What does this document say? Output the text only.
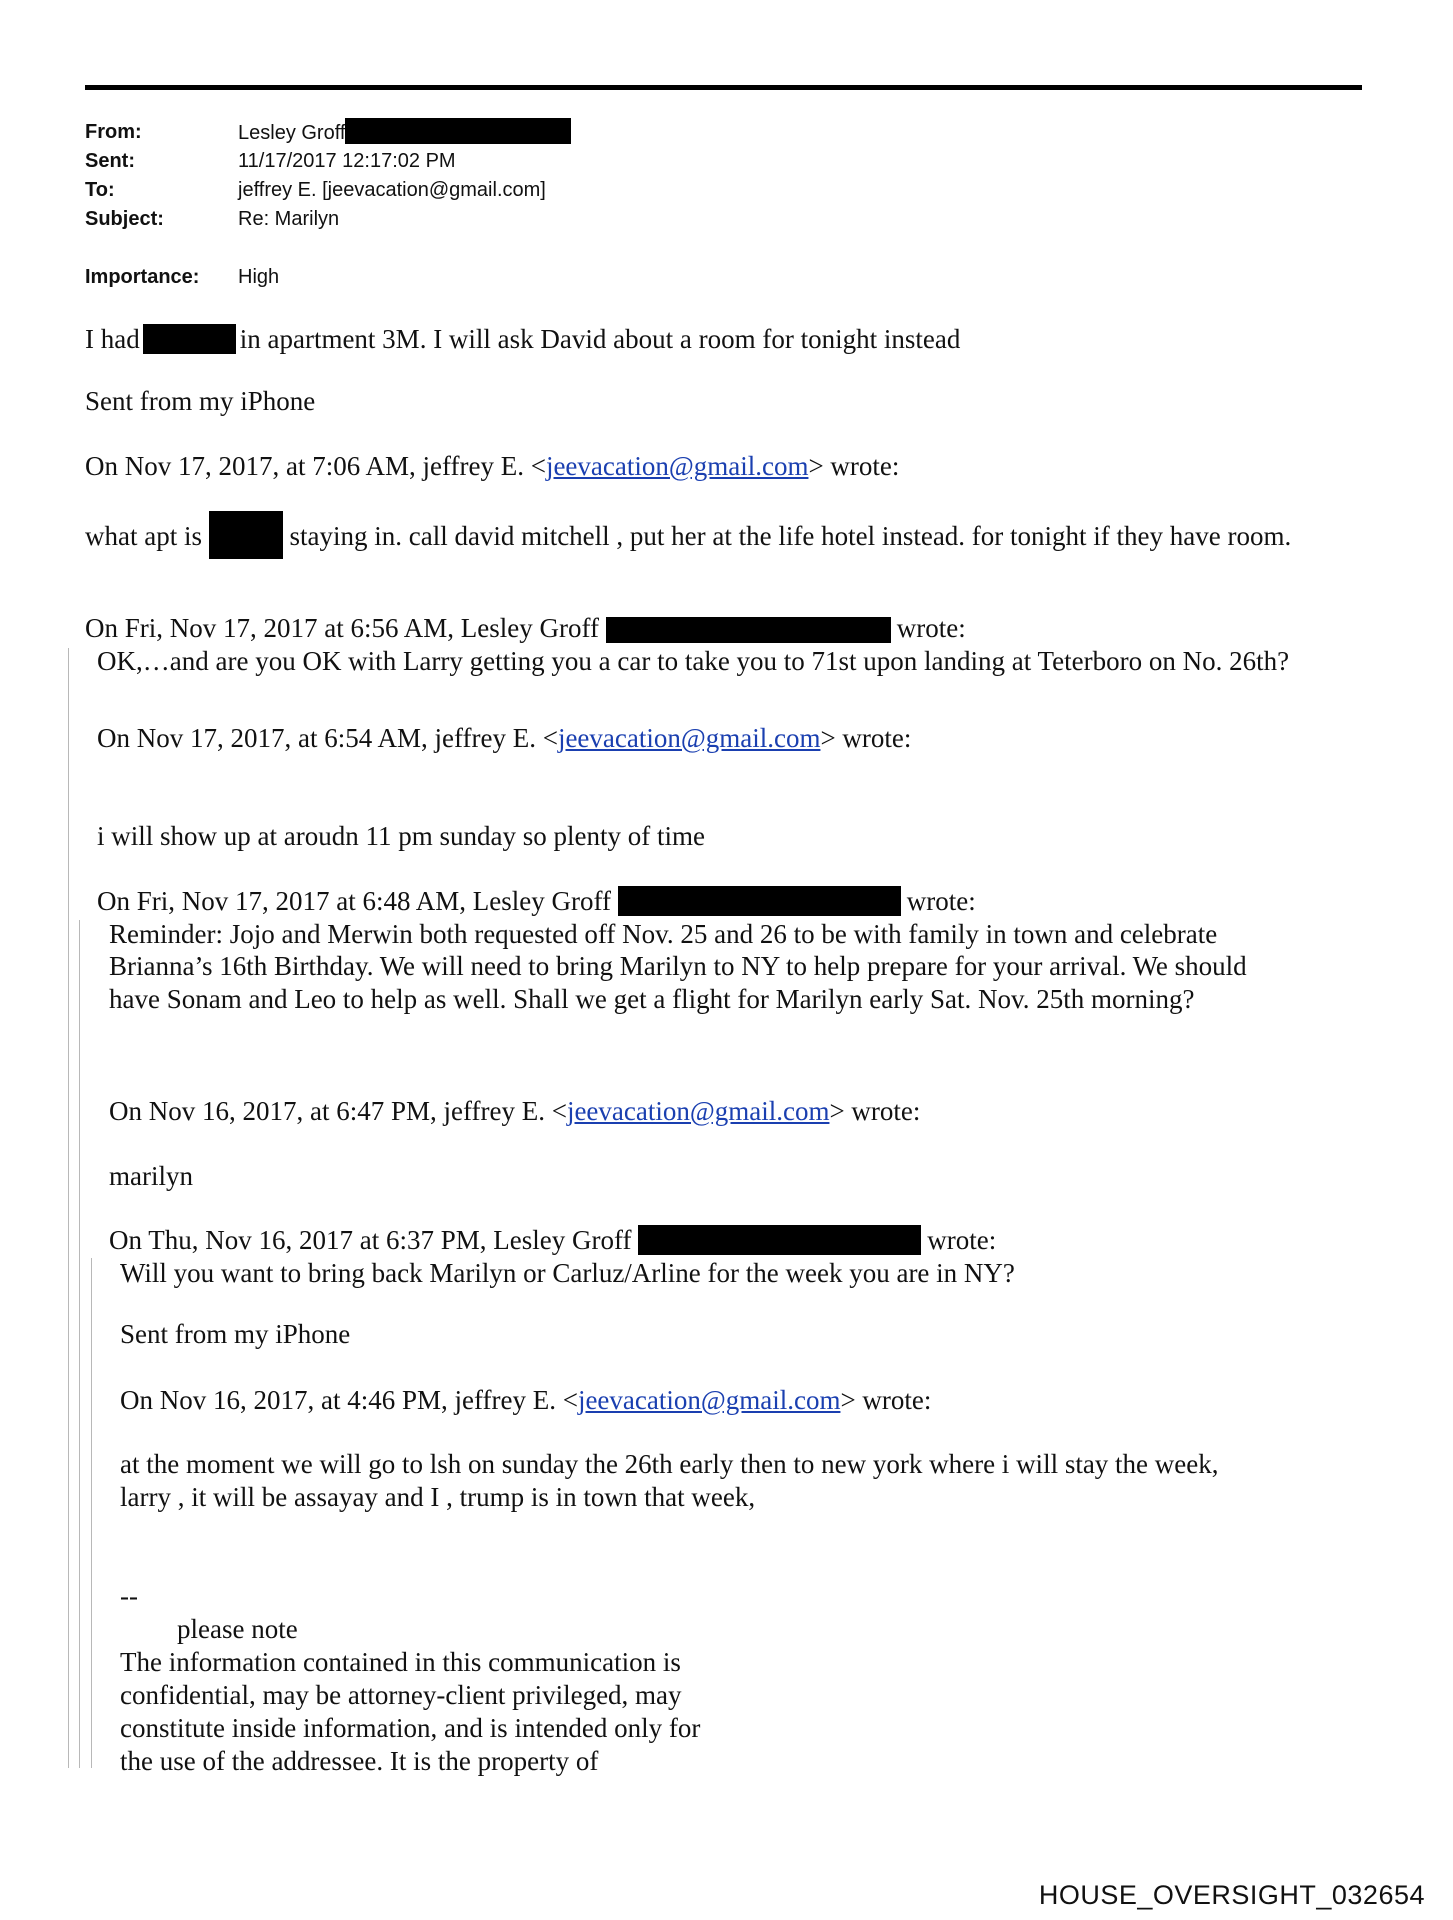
From:	Lesley Groff
Sent:	11/17/2017 12:17:02 PM
To:	jeffrey E. [jeevacation@gmail.com]
Subject:	Re: Marilyn
Importance: High
I had	in apartment 3M. I will ask David about a room for tonight instead
Sent from my iPhone
On Nov 17, 2017, at 7:06 AM, jeffrey E. <jeevacation@gmail.com> wrote:
what apt is	staying in. call david mitchell , put her at the life hotel instead. for tonight if they have room.
On Fri, Nov 17, 2017 at 6:56 AM, Lesley Groff	wrote:
OK,…and are you OK with Larry getting you a car to take you to 71st upon landing at Teterboro on No. 26th?
On Nov 17, 2017, at 6:54 AM, jeffrey E. <jeevacation@gmail.com> wrote:
i will show up at aroudn 11 pm sunday so plenty of time
On Fri, Nov 17, 2017 at 6:48 AM, Lesley Groff	wrote:
Reminder: Jojo and Merwin both requested off Nov. 25 and 26 to be with family in town and celebrate
Brianna’s 16th Birthday. We will need to bring Marilyn to NY to help prepare for your arrival. We should
have Sonam and Leo to help as well. Shall we get a flight for Marilyn early Sat. Nov. 25th morning?
On Nov 16, 2017, at 6:47 PM, jeffrey E. <jeevacation@gmail.com> wrote:
marilyn
On Thu, Nov 16, 2017 at 6:37 PM, Lesley Groff	wrote:
Will you want to bring back Marilyn or Carluz/Arline for the week you are in NY?
Sent from my iPhone
On Nov 16, 2017, at 4:46 PM, jeffrey E. <jeevacation@gmail.com> wrote:
at the moment we will go to lsh on sunday the 26th early then to new york where i will stay the week,
larry , it will be assayay and I , trump is in town that week,
--
please note
The information contained in this communication is
confidential, may be attorney-client privileged, may
constitute inside information, and is intended only for
the use of the addressee. It is the property of
HOUSE_OVERSIGHT_032654
